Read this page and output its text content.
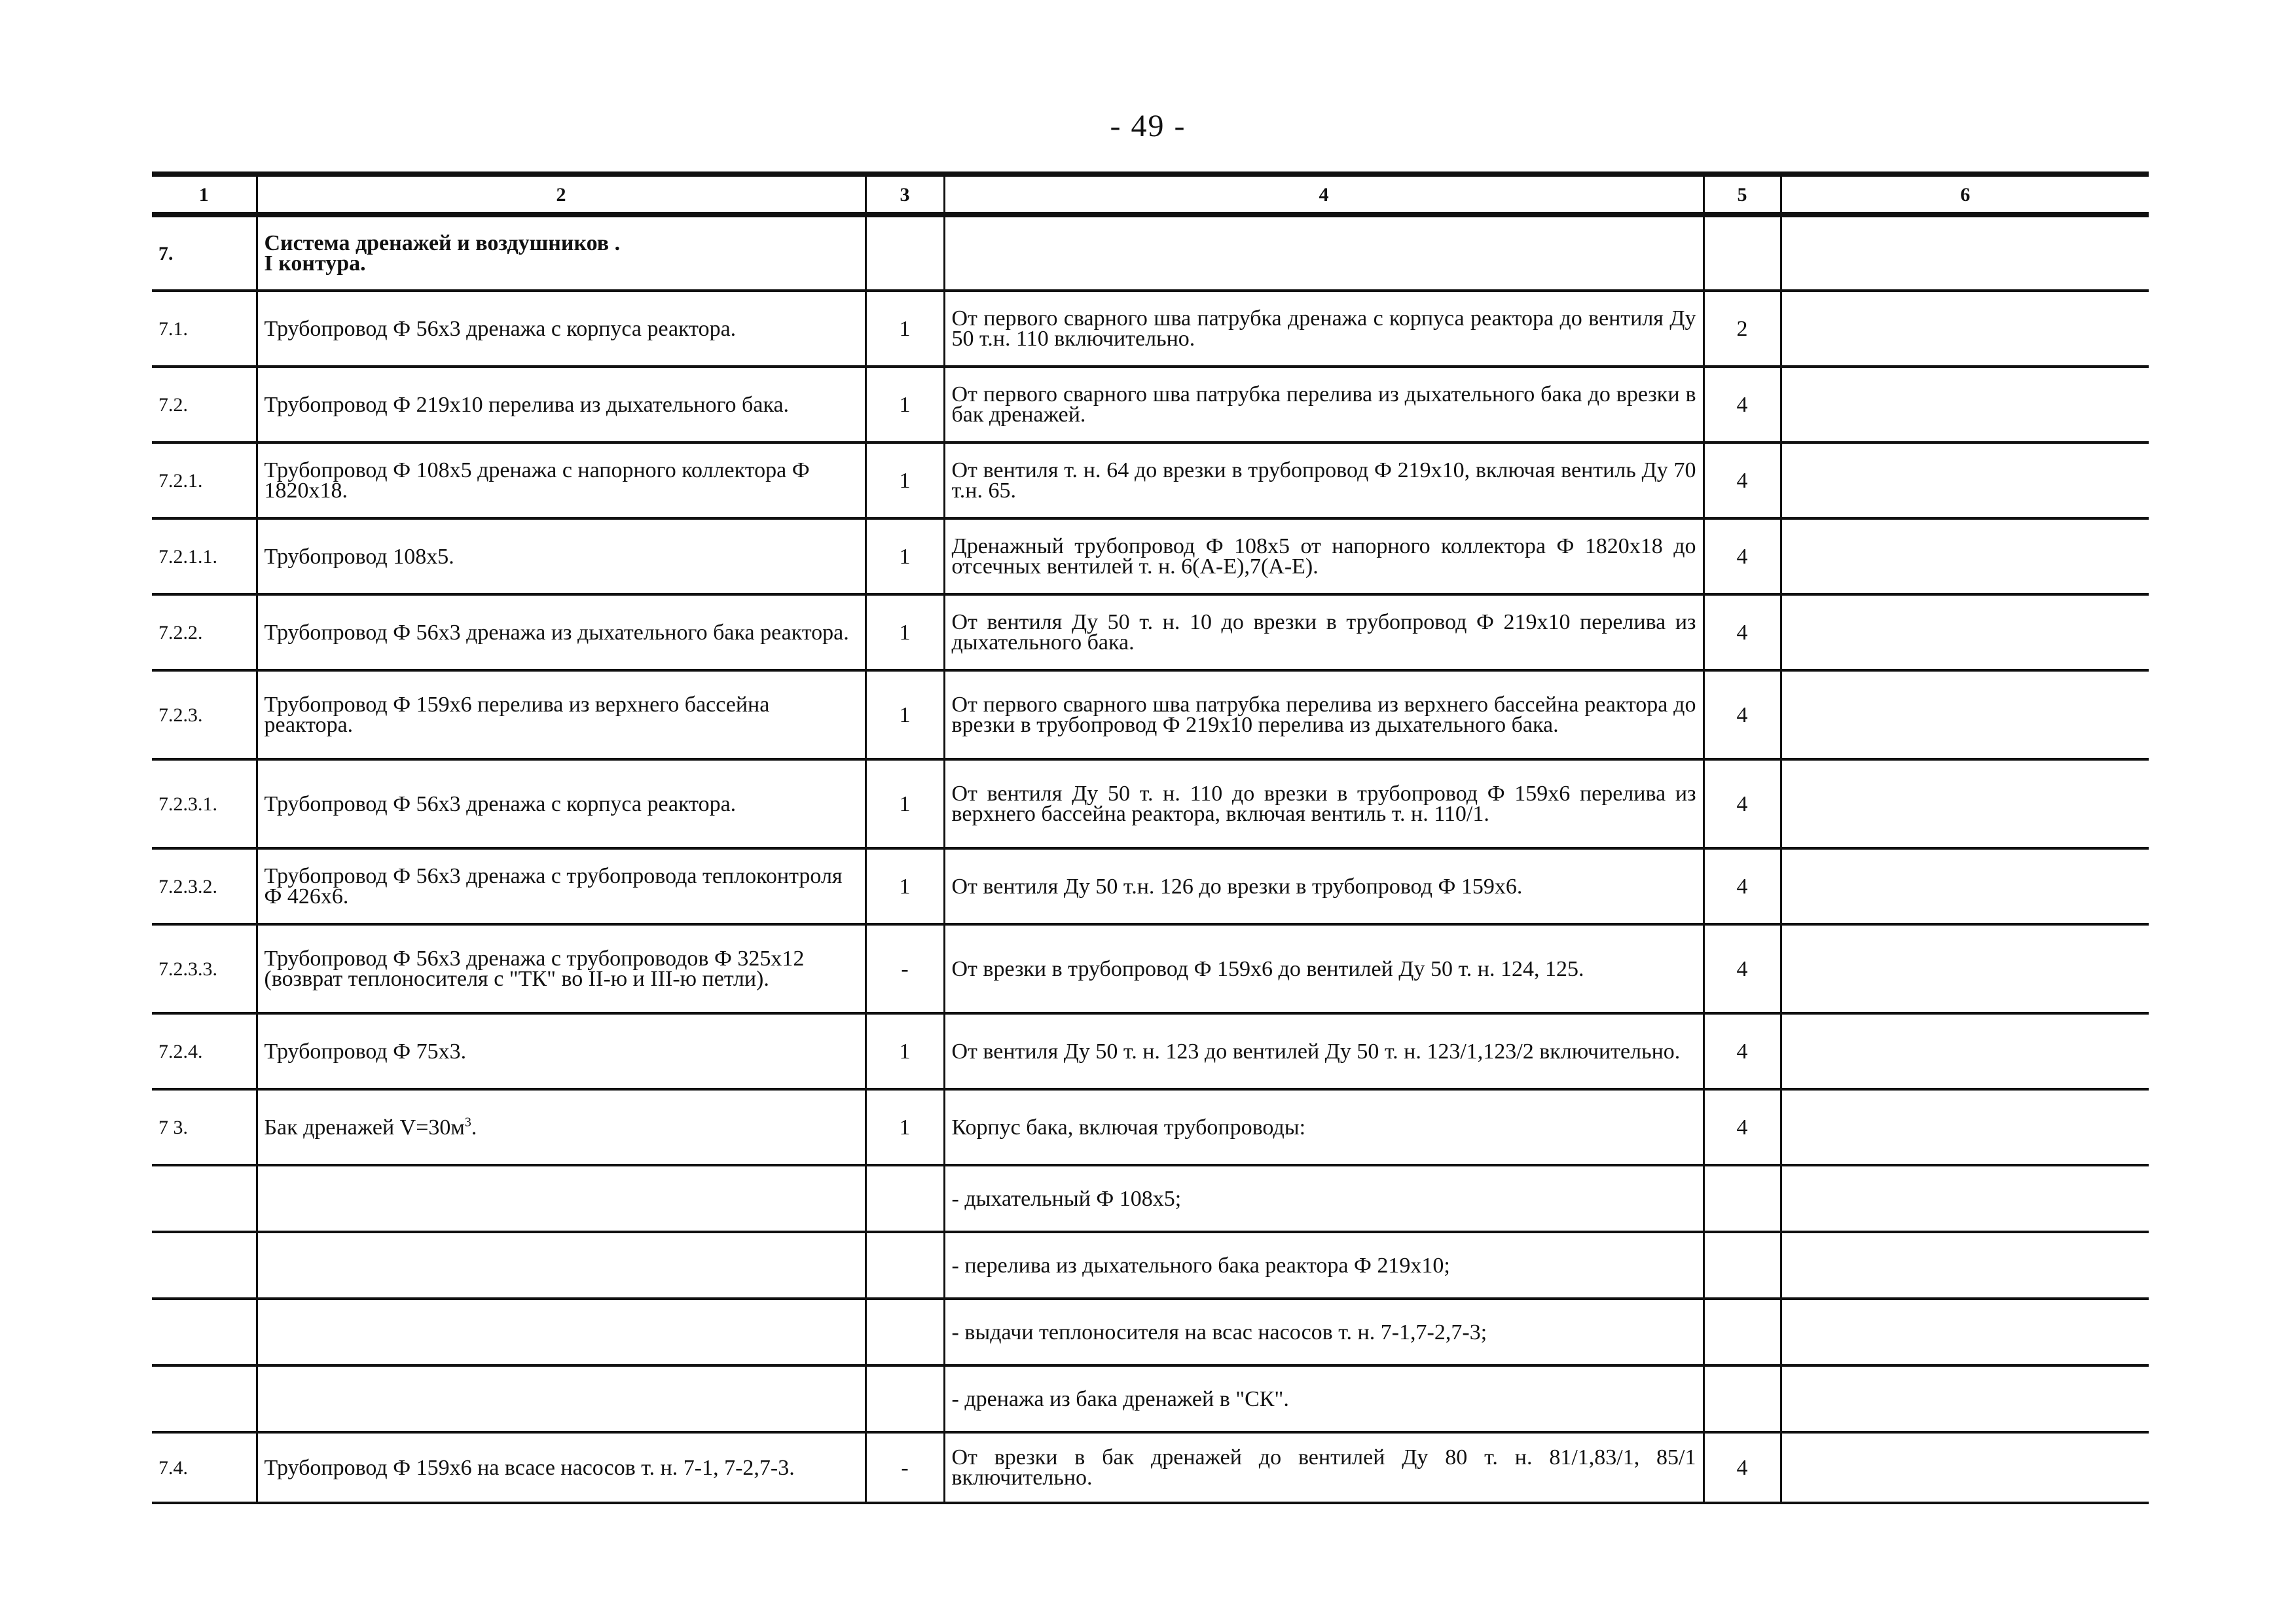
- 49 -
1	2	3	4	5	6
7.	Система дренажей и воздушников .
I контура.				
7.1.	Трубопровод Ф 56х3 дренажа с корпуса реактора.	1	От первого сварного шва патрубка дренажа с корпуса реактора до вентиля Ду 50 т.н. 110 включительно.	2	
7.2.	Трубопровод Ф 219х10 перелива из дыхательного бака.	1	От первого сварного шва патрубка перелива из дыхательного бака до врезки в бак дренажей.	4	
7.2.1.	Трубопровод Ф 108х5 дренажа с напорного коллектора Ф 1820х18.	1	От вентиля т. н. 64 до врезки в трубопровод Ф 219х10, включая вентиль Ду 70 т.н. 65.	4	
7.2.1.1.	Трубопровод 108х5.	1	Дренажный трубопровод Ф 108х5 от напорного коллектора Ф 1820х18 до отсечных вентилей т. н. 6(А-Е),7(А-Е).	4	
7.2.2.	Трубопровод Ф 56х3 дренажа из дыхательного бака реактора.	1	От вентиля Ду 50 т. н. 10 до врезки в трубопровод Ф 219х10 перелива из дыхательного бака.	4	
7.2.3.	Трубопровод Ф 159х6 перелива из верхнего бассейна реактора.	1	От первого сварного шва патрубка перелива из верхнего бассейна реактора до врезки в трубопровод Ф 219х10 перелива из дыхательного бака.	4	
7.2.3.1.	Трубопровод Ф 56х3 дренажа с корпуса реактора.	1	От вентиля Ду 50 т. н. 110 до врезки в трубопровод Ф 159х6 перелива из верхнего бассейна реактора, включая вентиль т. н. 110/1.	4	
7.2.3.2.	Трубопровод Ф 56х3 дренажа с трубопровода теплоконтроля Ф 426х6.	1	От вентиля Ду 50 т.н. 126 до врезки в трубопровод Ф 159х6.	4	
7.2.3.3.	Трубопровод Ф 56х3 дренажа с трубопроводов Ф 325х12 (возврат теплоносителя с "ТК" во II-ю и III-ю петли).	-	От врезки в трубопровод Ф 159х6 до вентилей Ду 50 т. н. 124, 125.	4	
7.2.4.	Трубопровод Ф 75х3.	1	От вентиля Ду 50 т. н. 123 до вентилей Ду 50 т. н. 123/1,123/2 включительно.	4	
7 3.	Бак дренажей $V=30м^3$.	1	Корпус бака, включая трубопроводы:	4	
			- дыхательный Ф 108х5;		
			- перелива из дыхательного бака реактора Ф 219х10;		
			- выдачи теплоносителя на всас насосов т. н. 7-1,7-2,7-3;		
			- дренажа из бака дренажей в "СК".		
7.4.	Трубопровод Ф 159х6 на всасе насосов т. н. 7-1, 7-2,7-3.	-	От врезки в бак дренажей до вентилей Ду 80 т. н. 81/1,83/1, 85/1 включительно.	4	
